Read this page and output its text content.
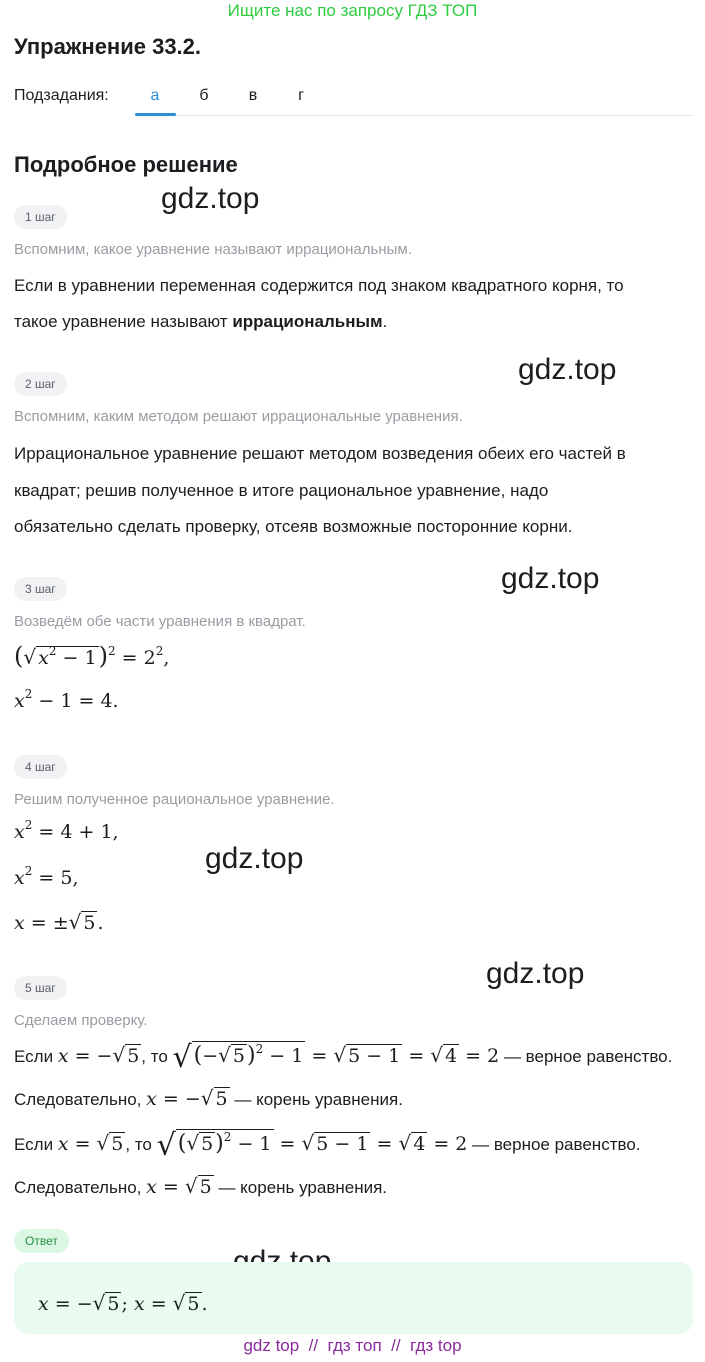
Ищите нас по запросу ГДЗ ТОП
Упражнение 33.2.
Подзадания:	а	б	в	г
Подробное решение
gdz.top
gdz.top
gdz.top
gdz.top
gdz.top
1 шаг
Вспомним, какое уравнение называют иррациональным.
Если в уравнении переменная содержится под знаком квадратного корня, то
такое уравнение называют иррациональным.
2 шаг
Вспомним, каким методом решают иррациональные уравнения.
Иррациональное уравнение решают методом возведения обеих его частей в
квадрат; решив полученное в итоге рациональное уравнение, надо
обязательно сделать проверку, отсеяв возможные посторонние корни.
3 шаг
Возведём обе части уравнения в квадрат.
(√ $x^2 - 1)^2 = 2^2$,
$x^2 - 1 = 4$.
4 шаг
Решим полученное рациональное уравнение.
$x^2 = 4 + 1$,
$x^2 = 5$,
x = ±√ 5 .
5 шаг
Сделаем проверку.
Если x = −√ 5 , то √(−√ 5)$^2$ − 1 = √ 5 − 1 = √ 4 = 2 — верное равенство.
Следовательно, x = −√ 5 — корень уравнения.
Если x = √ 5 , то √(√ 5)$^2$ − 1 = √ 5 − 1 = √ 4 = 2 — верное равенство.
Следовательно, x = √ 5 — корень уравнения.
Ответ
x = −√ 5 ; x = √ 5 .
gdz top  //  гдз топ  //  гдз top
